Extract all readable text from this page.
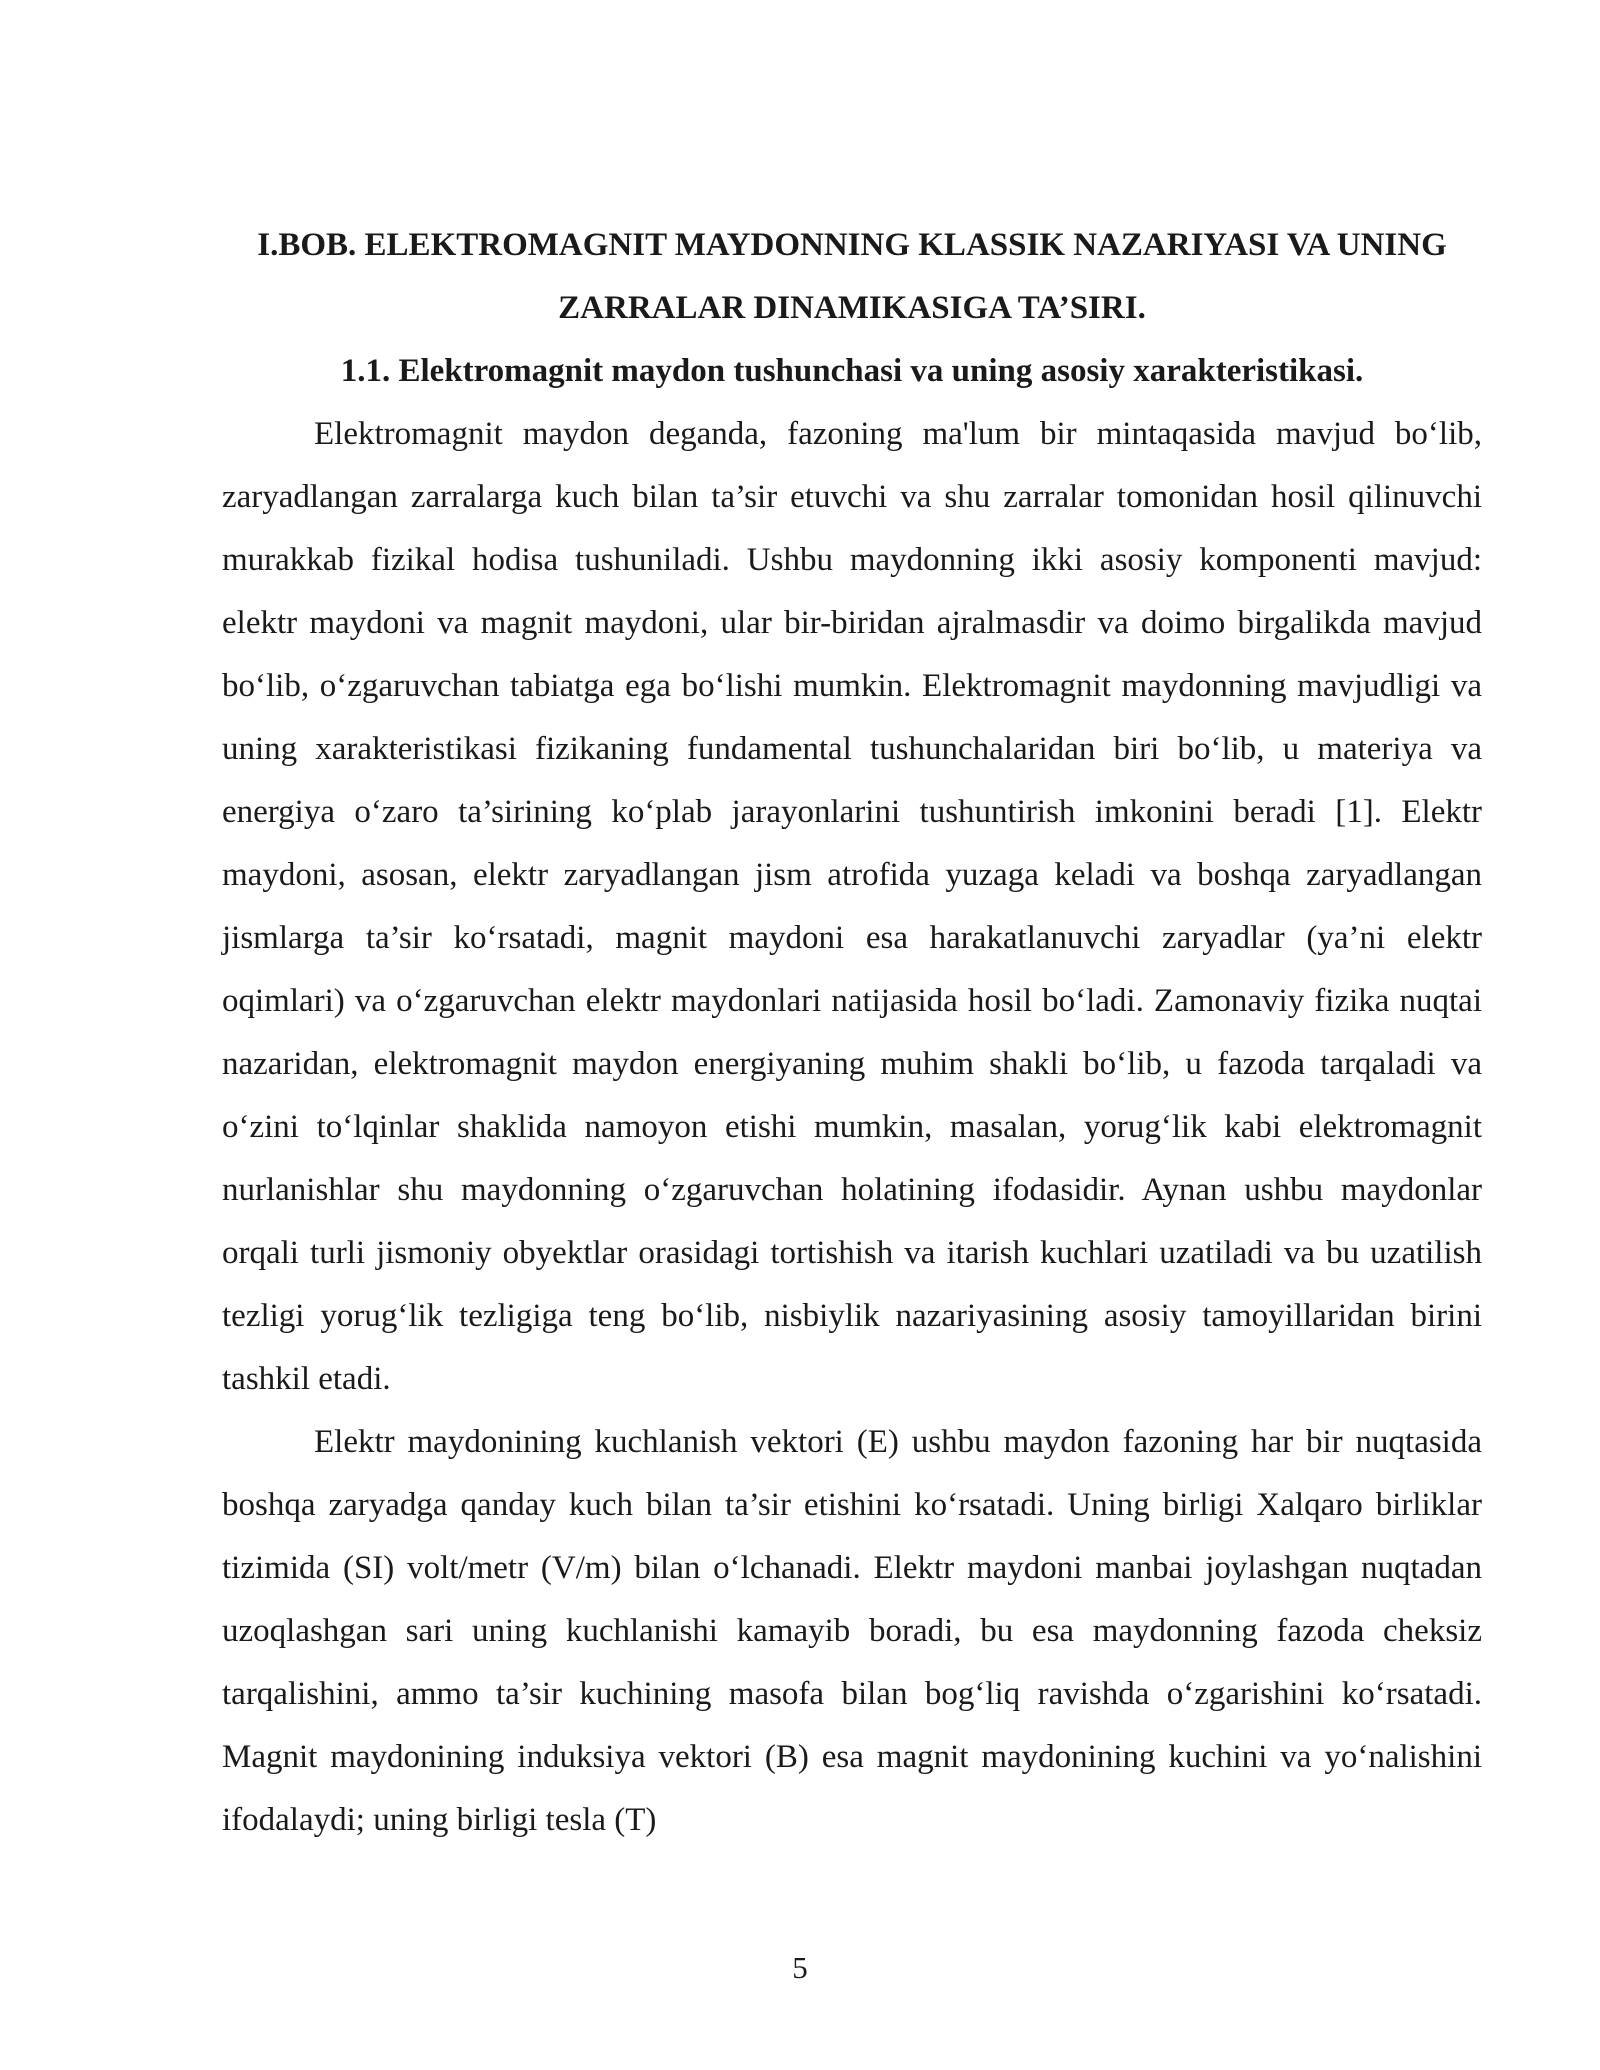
I.BOB. ELEKTROMAGNIT MAYDONNING KLASSIK NAZARIYASI VA UNING ZARRALAR DINAMIKASIGA TA’SIRI.
1.1. Elektromagnit maydon tushunchasi va uning asosiy xarakteristikasi.

Elektromagnit maydon deganda, fazoning ma'lum bir mintaqasida mavjud bo‘lib, zaryadlangan zarralarga kuch bilan ta’sir etuvchi va shu zarralar tomonidan hosil qilinuvchi murakkab fizikal hodisa tushuniladi. Ushbu maydonning ikki asosiy komponenti mavjud: elektr maydoni va magnit maydoni, ular bir-biridan ajralmasdir va doimo birgalikda mavjud bo‘lib, o‘zgaruvchan tabiatga ega bo‘lishi mumkin. Elektromagnit maydonning mavjudligi va uning xarakteristikasi fizikaning fundamental tushunchalaridan biri bo‘lib, u materiya va energiya o‘zaro ta’sirining ko‘plab jarayonlarini tushuntirish imkonini beradi [1]. Elektr maydoni, asosan, elektr zaryadlangan jism atrofida yuzaga keladi va boshqa zaryadlangan jismlarga ta’sir ko‘rsatadi, magnit maydoni esa harakatlanuvchi zaryadlar (ya’ni elektr oqimlari) va o‘zgaruvchan elektr maydonlari natijasida hosil bo‘ladi. Zamonaviy fizika nuqtai nazaridan, elektromagnit maydon energiyaning muhim shakli bo‘lib, u fazoda tarqaladi va o‘zini to‘lqinlar shaklida namoyon etishi mumkin, masalan, yorug‘lik kabi elektromagnit nurlanishlar shu maydonning o‘zgaruvchan holatining ifodasidir. Aynan ushbu maydonlar orqali turli jismoniy obyektlar orasidagi tortishish va itarish kuchlari uzatiladi va bu uzatilish tezligi yorug‘lik tezligiga teng bo‘lib, nisbiylik nazariyasining asosiy tamoyillaridan birini tashkil etadi.

Elektr maydonining kuchlanish vektori (E) ushbu maydon fazoning har bir nuqtasida boshqa zaryadga qanday kuch bilan ta’sir etishini ko‘rsatadi. Uning birligi Xalqaro birliklar tizimida (SI) volt/metr (V/m) bilan o‘lchanadi. Elektr maydoni manbai joylashgan nuqtadan uzoqlashgan sari uning kuchlanishi kamayib boradi, bu esa maydonning fazoda cheksiz tarqalishini, ammo ta’sir kuchining masofa bilan bog‘liq ravishda o‘zgarishini ko‘rsatadi. Magnit maydonining induksiya vektori (B) esa magnit maydonining kuchini va yo‘nalishini ifodalaydi; uning birligi tesla (T)

5
